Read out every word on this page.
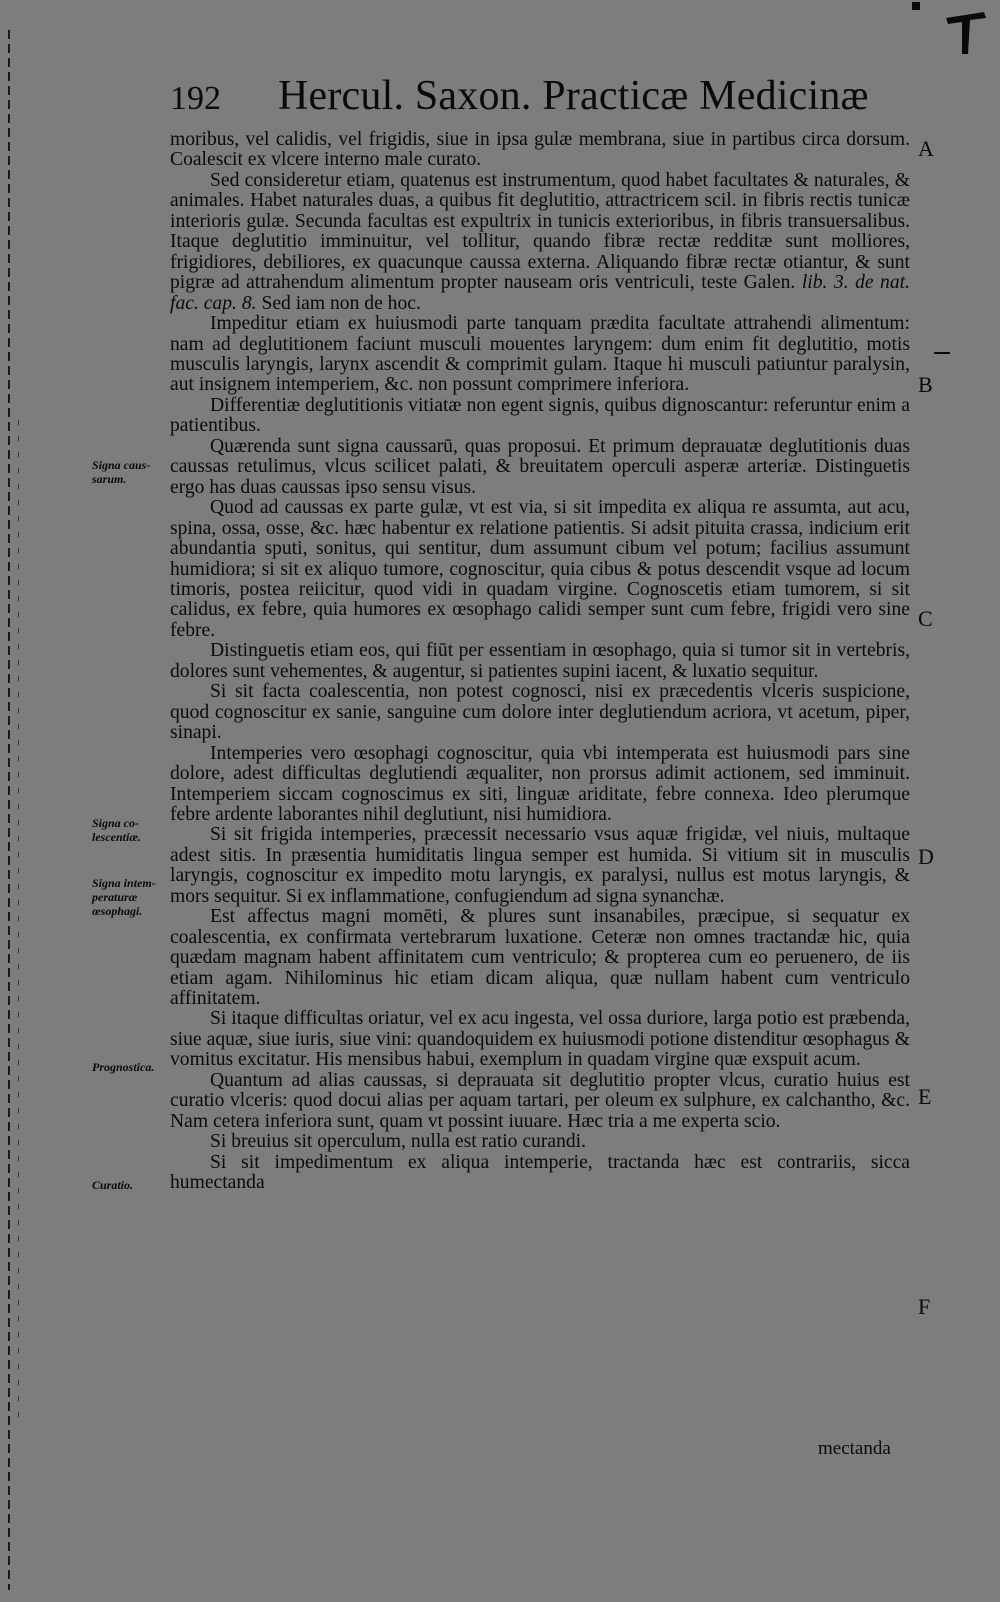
192 Hercul. Saxon. Practicæ Medicinæ
Signa caus-sarum.
Signa co-lescentiæ.
Signa intem-peraturæ œsophagi.
Prognostica.
Curatio.
A
B
C
D
E
F

moribus, vel calidis, vel frigidis, siue in ipsa gulæ membrana, siue in partibus circa dorsum. Coalescit ex vlcere interno male curato.

Sed consideretur etiam, quatenus est instrumentum, quod habet facultates & naturales, & animales. Habet naturales duas, a quibus fit deglutitio, attractricem scil. in fibris rectis tunicæ interioris gulæ. Secunda facultas est expultrix in tunicis exterioribus, in fibris transuersalibus. Itaque deglutitio imminuitur, vel tollitur, quando fibræ rectæ redditæ sunt molliores, frigidiores, debiliores, ex quacunque caussa externa. Aliquando fibræ rectæ otiantur, & sunt pigræ ad attrahendum alimentum propter nauseam oris ventriculi, teste Galen. lib. 3. de nat. fac. cap. 8. Sed iam non de hoc.

Impeditur etiam ex huiusmodi parte tanquam prædita facultate attrahendi alimentum: nam ad deglutitionem faciunt musculi mouentes laryngem: dum enim fit deglutitio, motis musculis laryngis, larynx ascendit & comprimit gulam. Itaque hi musculi patiuntur paralysin, aut insignem intemperiem, &c. non possunt comprimere inferiora.

Differentiæ deglutitionis vitiatæ non egent signis, quibus dignoscantur: referuntur enim a patientibus.

Quærenda sunt signa caussarū, quas proposui. Et primum deprauatæ deglutitionis duas caussas retulimus, vlcus scilicet palati, & breuitatem operculi asperæ arteriæ. Distinguetis ergo has duas caussas ipso sensu visus.

Quod ad caussas ex parte gulæ, vt est via, si sit impedita ex aliqua re assumta, aut acu, spina, ossa, osse, &c. hæc habentur ex relatione patientis. Si adsit pituita crassa, indicium erit abundantia sputi, sonitus, qui sentitur, dum assumunt cibum vel potum; facilius assumunt humidiora; si sit ex aliquo tumore, cognoscitur, quia cibus & potus descendit vsque ad locum timoris, postea reiicitur, quod vidi in quadam virgine. Cognoscetis etiam tumorem, si sit calidus, ex febre, quia humores ex œsophago calidi semper sunt cum febre, frigidi vero sine febre.

Distinguetis etiam eos, qui fiūt per essentiam in œsophago, quia si tumor sit in vertebris, dolores sunt vehementes, & augentur, si patientes supini iacent, & luxatio sequitur.

Si sit facta coalescentia, non potest cognosci, nisi ex præcedentis vlceris suspicione, quod cognoscitur ex sanie, sanguine cum dolore inter deglutiendum acriora, vt acetum, piper, sinapi.

Intemperies vero œsophagi cognoscitur, quia vbi intemperata est huiusmodi pars sine dolore, adest difficultas deglutiendi æqualiter, non prorsus adimit actionem, sed imminuit. Intemperiem siccam cognoscimus ex siti, linguæ ariditate, febre connexa. Ideo plerumque febre ardente laborantes nihil deglutiunt, nisi humidiora.

Si sit frigida intemperies, præcessit necessario vsus aquæ frigidæ, vel niuis, multaque adest sitis. In præsentia humiditatis lingua semper est humida. Si vitium sit in musculis laryngis, cognoscitur ex impedito motu laryngis, ex paralysi, nullus est motus laryngis, & mors sequitur. Si ex inflammatione, confugiendum ad signa synanchæ.

Est affectus magni momēti, & plures sunt insanabiles, præcipue, si sequatur ex coalescentia, ex confirmata vertebrarum luxatione. Ceteræ non omnes tractandæ hic, quia quædam magnam habent affinitatem cum ventriculo; & propterea cum eo peruenero, de iis etiam agam. Nihilominus hic etiam dicam aliqua, quæ nullam habent cum ventriculo affinitatem.

Si itaque difficultas oriatur, vel ex acu ingesta, vel ossa duriore, larga potio est præbenda, siue aquæ, siue iuris, siue vini: quandoquidem ex huiusmodi potione distenditur œsophagus & vomitus excitatur. His mensibus habui, exemplum in quadam virgine quæ exspuit acum.

Quantum ad alias caussas, si deprauata sit deglutitio propter vlcus, curatio huius est curatio vlceris: quod docui alias per aquam tartari, per oleum ex sulphure, ex calchantho, &c. Nam cetera inferiora sunt, quam vt possint iuuare. Hæc tria a me experta scio.

Si breuius sit operculum, nulla est ratio curandi.

Si sit impedimentum ex aliqua intemperie, tractanda hæc est contrariis, sicca humectanda

mectanda
